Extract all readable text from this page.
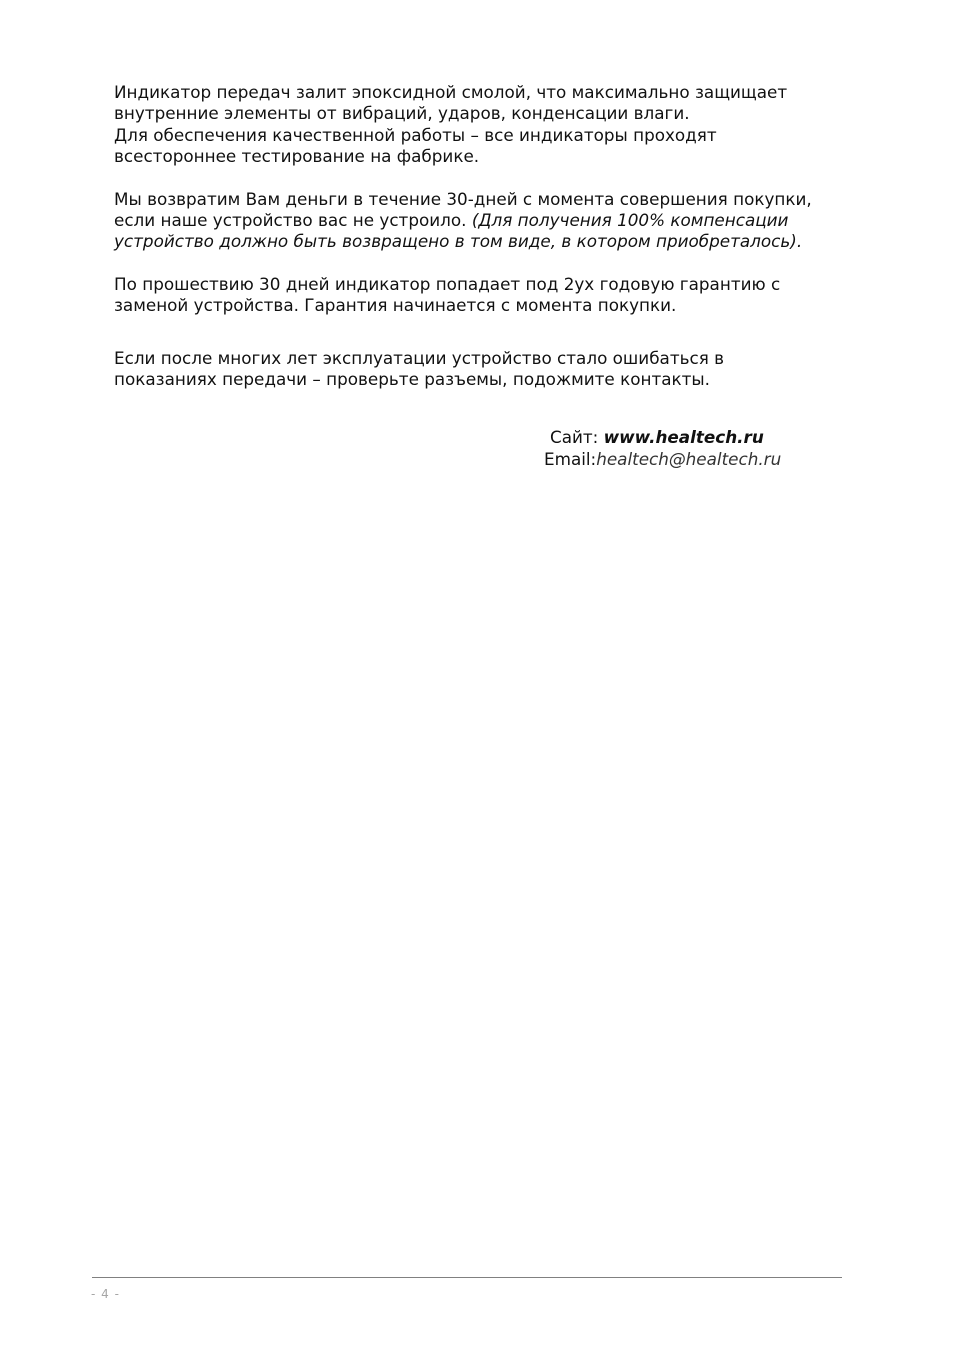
Индикатор передач залит эпоксидной смолой, что максимально защищает
внутренние элементы от вибраций, ударов, конденсации влаги.
Для обеспечения качественной работы – все индикаторы проходят
всестороннее тестирование на фабрике.

Мы возвратим Вам деньги в течение 30-дней с момента совершения покупки,
если наше устройство вас не устроило. (Для получения 100% компенсации
устройство должно быть возвращено в том виде, в котором приобреталось).

По прошествию 30 дней индикатор попадает под 2ух годовую гарантию с
заменой устройства. Гарантия начинается с момента покупки.

Если после многих лет эксплуатации устройство стало ошибаться в
показаниях передачи – проверьте разъемы, подожмите контакты.

Сайт: www.healtech.ru
Email:healtech@healtech.ru
- 4 -
